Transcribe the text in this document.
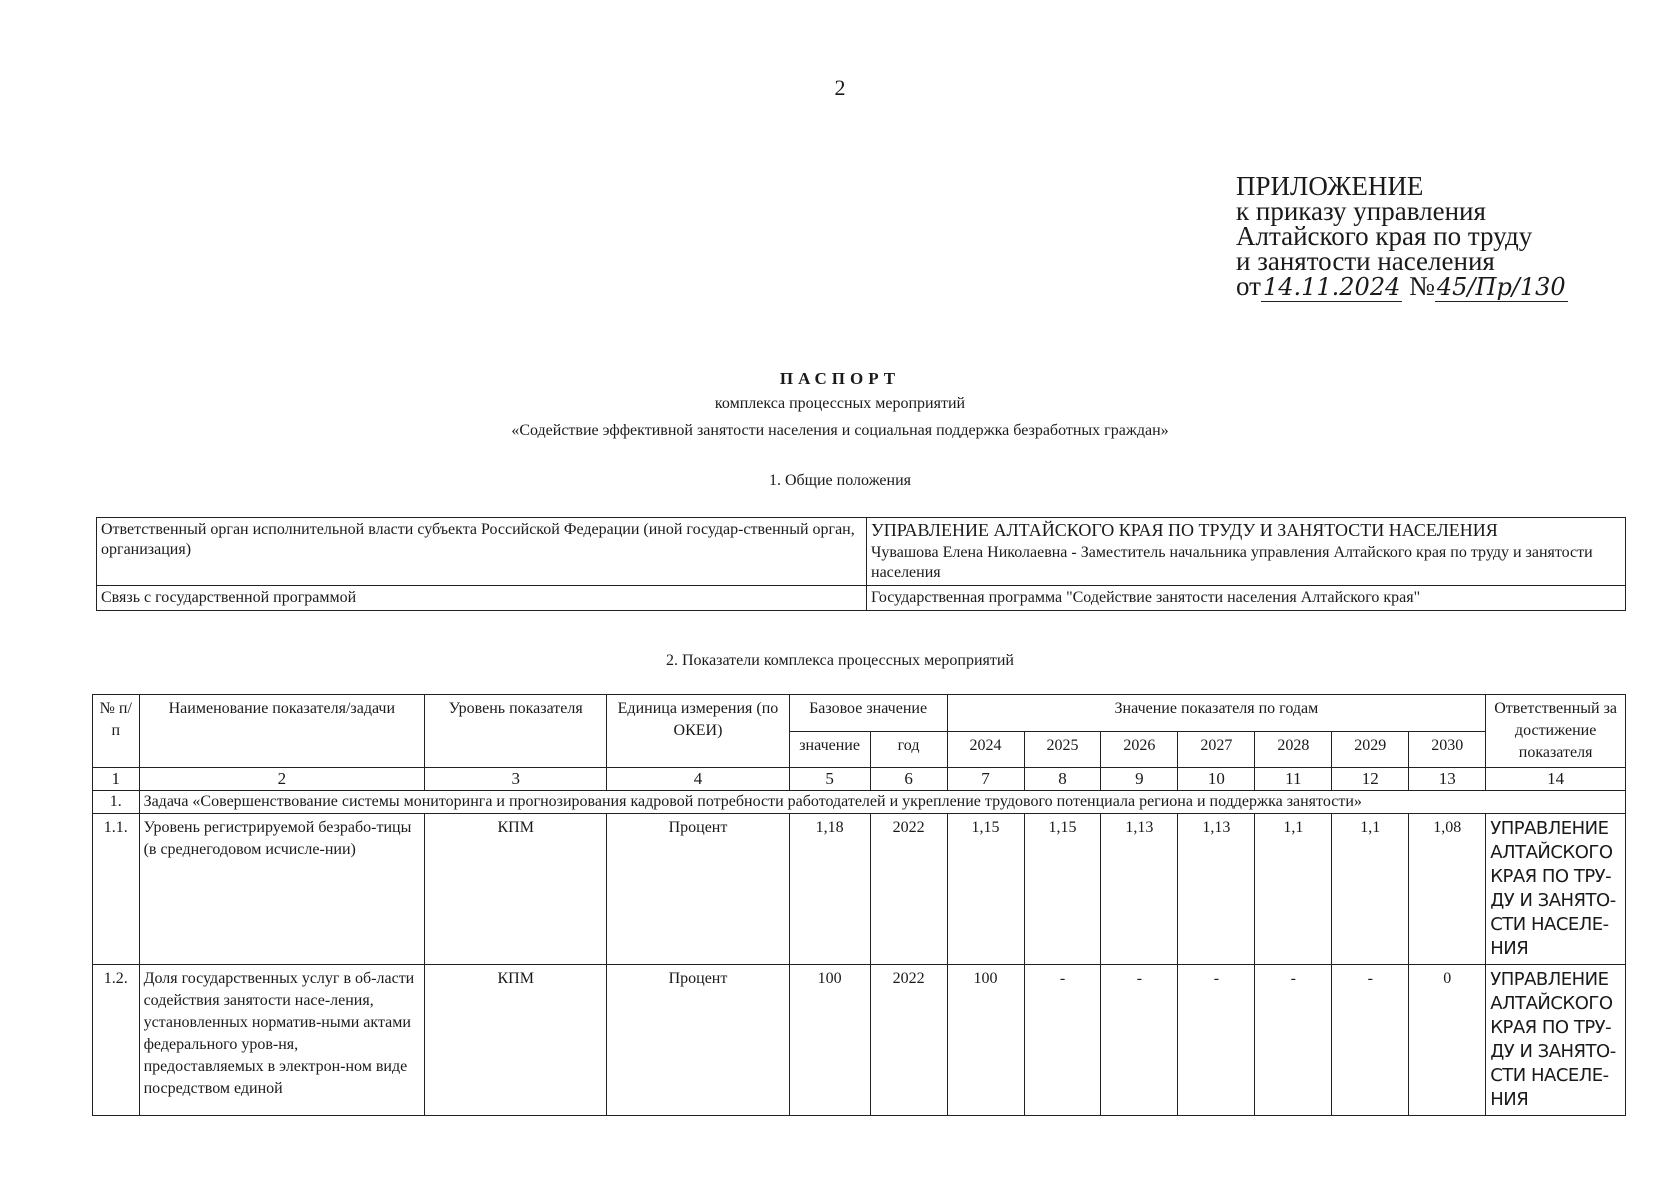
2
ПРИЛОЖЕНИЕ
к приказу управления
Алтайского края по труду
и занятости населения
от14.11.2024 №45/Пр/130
ПАСПОРТ
комплекса процессных мероприятий
«Содействие эффективной занятости населения и социальная поддержка безработных граждан»
1. Общие положения
Ответственный орган исполнительной власти субъекта Российской Федерации (иной государ-ственный орган, организация)	УПРАВЛЕНИЕ АЛТАЙСКОГО КРАЯ ПО ТРУДУ И ЗАНЯТОСТИ НАСЕЛЕНИЯ
Чувашова Елена Николаевна - Заместитель начальника управления Алтайского края по труду и занятости населения
Связь с государственной программой	Государственная программа "Содействие занятости населения Алтайского края"
2. Показатели комплекса процессных мероприятий
№ п/п	Наименование показателя/задачи	Уровень показателя	Единица измерения (по ОКЕИ)	Базовое значение		Значение показателя по годам							Ответственный за достижение показателя
				значение	год	2024	2025	2026	2027	2028	2029	2030	
1	2	3	4	5	6	7	8	9	10	11	12	13	14
1.	Задача «Совершенствование системы мониторинга и прогнозирования кадровой потребности работодателей и укрепление трудового потенциала региона и поддержка занятости»												
1.1.	Уровень регистрируемой безрабо-тицы (в среднегодовом исчисле-нии)	КПМ	Процент	1,18	2022	1,15	1,15	1,13	1,13	1,1	1,1	1,08	УПРАВЛЕНИЕ АЛТАЙСКОГО КРАЯ ПО ТРУ-ДУ И ЗАНЯТО-СТИ НАСЕЛЕ-НИЯ
1.2.	Доля государственных услуг в об-ласти содействия занятости насе-ления, установленных норматив-ными актами федерального уров-ня, предоставляемых в электрон-ном виде посредством единой	КПМ	Процент	100	2022	100	-	-	-	-	-	0	УПРАВЛЕНИЕ АЛТАЙСКОГО КРАЯ ПО ТРУ-ДУ И ЗАНЯТО-СТИ НАСЕЛЕ-НИЯ
